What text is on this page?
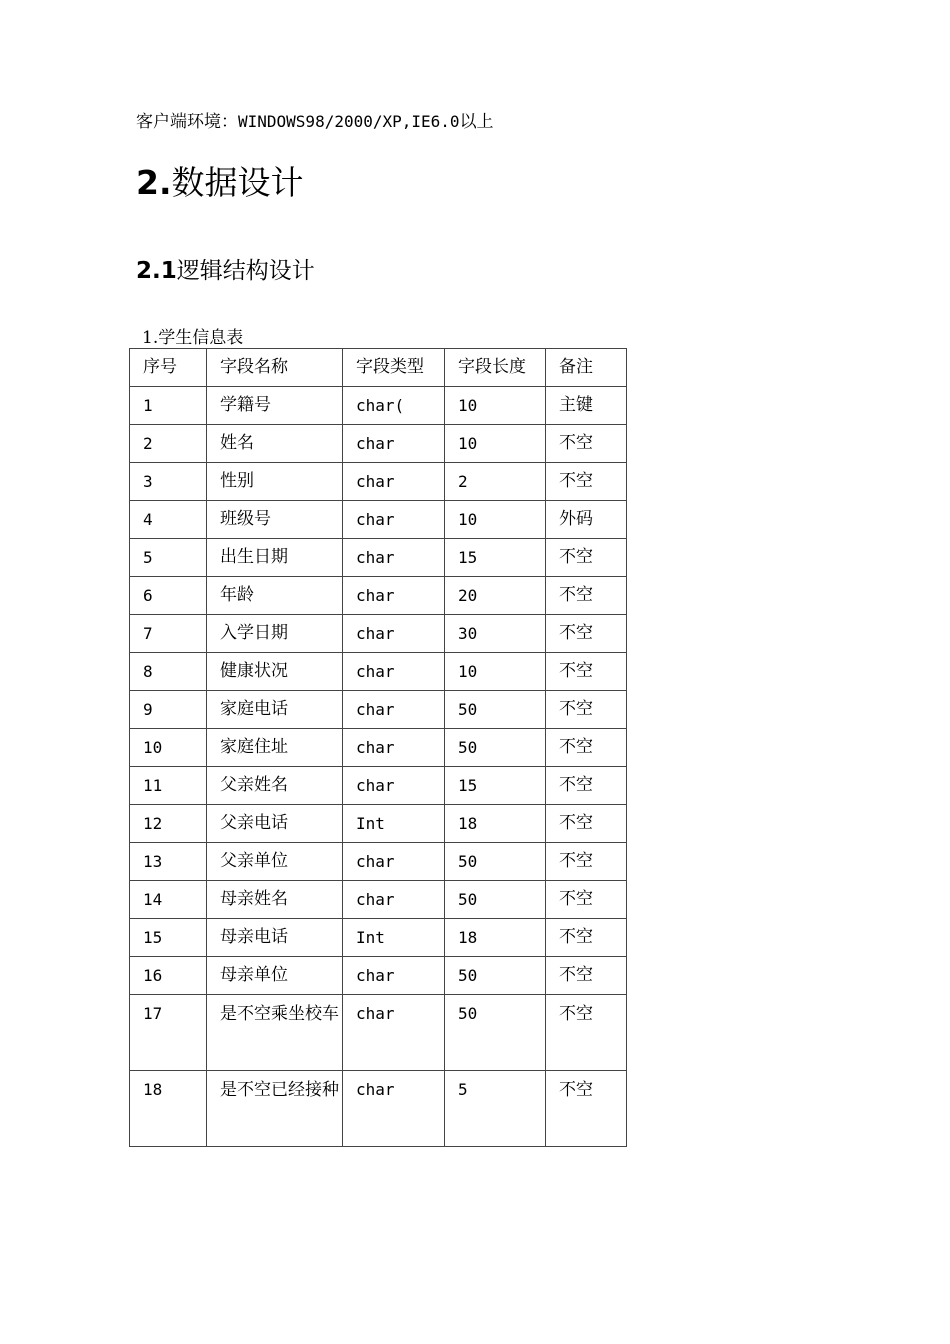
客户端环境：WINDOWS98/2000/XP,IE6.0以上
2.数据设计
2.1逻辑结构设计
1.学生信息表
序号	字段名称	字段类型	字段长度	备注
1	学籍号	char(	10	主键
2	姓名	char	10	不空
3	性别	char	2	不空
4	班级号	char	10	外码
5	出生日期	char	15	不空
6	年龄	char	20	不空
7	入学日期	char	30	不空
8	健康状况	char	10	不空
9	家庭电话	char	50	不空
10	家庭住址	char	50	不空
11	父亲姓名	char	15	不空
12	父亲电话	Int	18	不空
13	父亲单位	char	50	不空
14	母亲姓名	char	50	不空
15	母亲电话	Int	18	不空
16	母亲单位	char	50	不空
17	是不空乘坐校车	char	50	不空
18	是不空已经接种	char	5	不空
